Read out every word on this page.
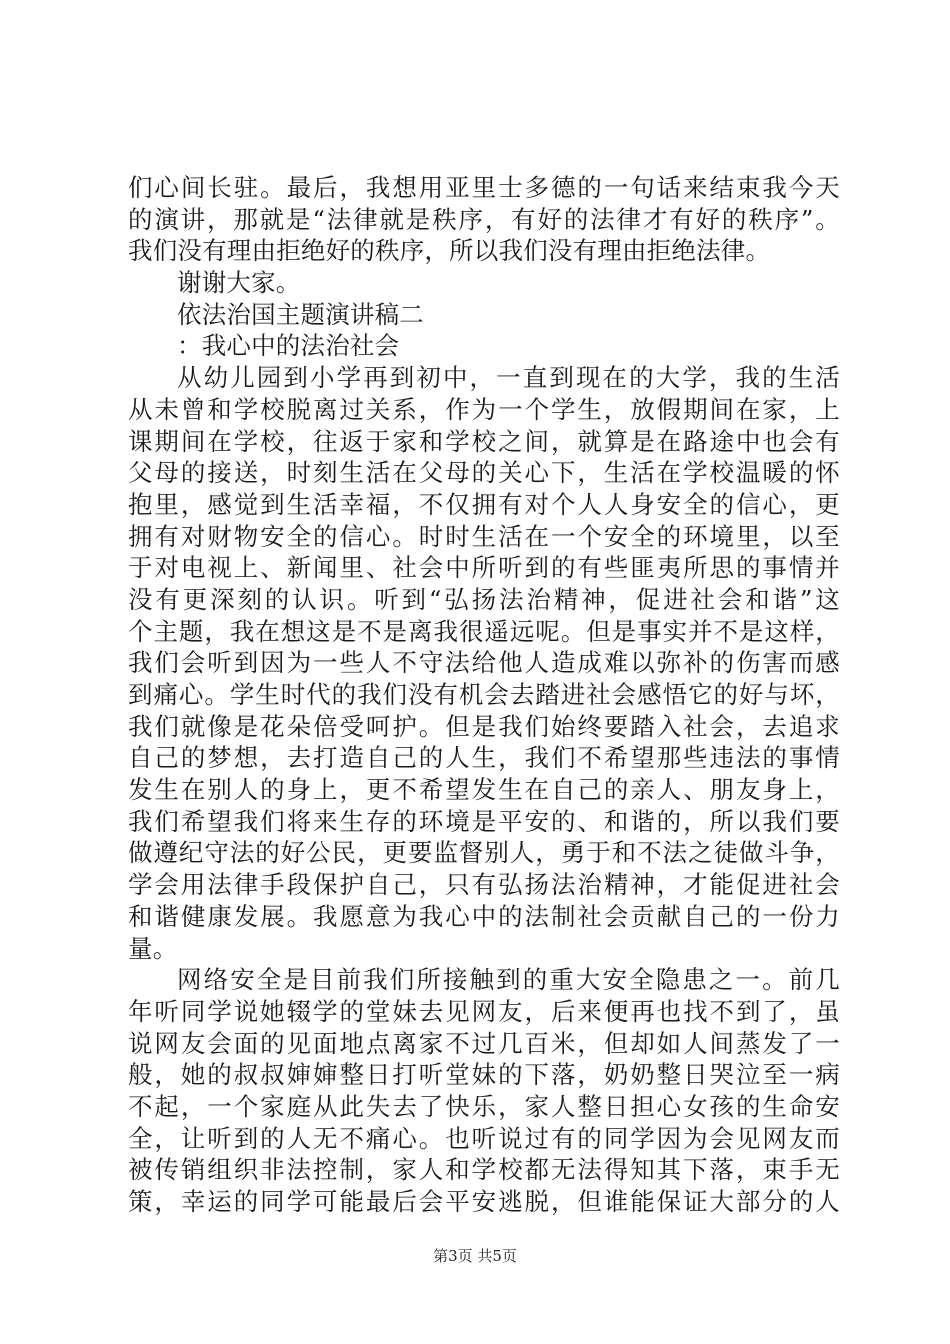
们心间长驻。最后，我想用亚里士多德的一句话来结束我今天
的演讲，那就是“法律就是秩序，有好的法律才有好的秩序”。
我们没有理由拒绝好的秩序，所以我们没有理由拒绝法律。
谢谢大家。
依法治国主题演讲稿二
：我心中的法治社会
从幼儿园到小学再到初中，一直到现在的大学，我的生活
从未曾和学校脱离过关系，作为一个学生，放假期间在家，上
课期间在学校，往返于家和学校之间，就算是在路途中也会有
父母的接送，时刻生活在父母的关心下，生活在学校温暖的怀
抱里，感觉到生活幸福，不仅拥有对个人人身安全的信心，更
拥有对财物安全的信心。时时生活在一个安全的环境里，以至
于对电视上、新闻里、社会中所听到的有些匪夷所思的事情并
没有更深刻的认识。听到“弘扬法治精神，促进社会和谐”这
个主题，我在想这是不是离我很遥远呢。但是事实并不是这样，
我们会听到因为一些人不守法给他人造成难以弥补的伤害而感
到痛心。学生时代的我们没有机会去踏进社会感悟它的好与坏，
我们就像是花朵倍受呵护。但是我们始终要踏入社会，去追求
自己的梦想，去打造自己的人生，我们不希望那些违法的事情
发生在别人的身上，更不希望发生在自己的亲人、朋友身上，
我们希望我们将来生存的环境是平安的、和谐的，所以我们要
做遵纪守法的好公民，更要监督别人，勇于和不法之徒做斗争，
学会用法律手段保护自己，只有弘扬法治精神，才能促进社会
和谐健康发展。我愿意为我心中的法制社会贡献自己的一份力
量。
网络安全是目前我们所接触到的重大安全隐患之一。前几
年听同学说她辍学的堂妹去见网友，后来便再也找不到了，虽
说网友会面的见面地点离家不过几百米，但却如人间蒸发了一
般，她的叔叔婶婶整日打听堂妹的下落，奶奶整日哭泣至一病
不起，一个家庭从此失去了快乐，家人整日担心女孩的生命安
全，让听到的人无不痛心。也听说过有的同学因为会见网友而
被传销组织非法控制，家人和学校都无法得知其下落，束手无
策，幸运的同学可能最后会平安逃脱，但谁能保证大部分的人
第3页 共5页
